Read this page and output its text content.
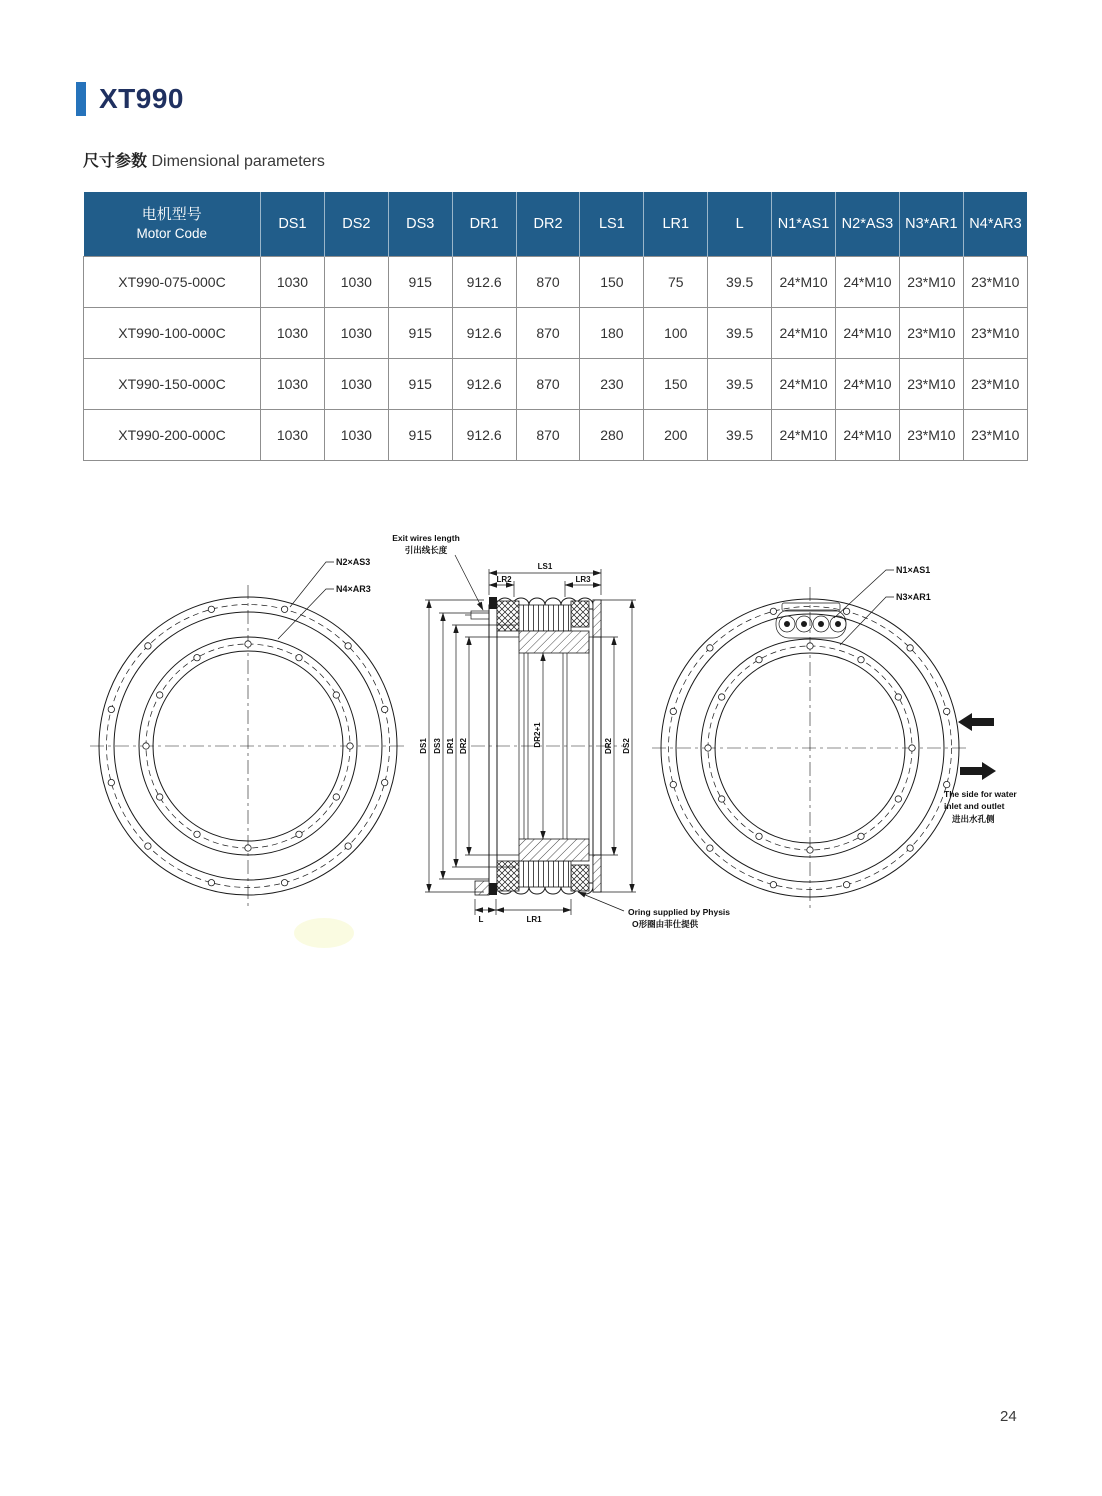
XT990
尺寸参数 Dimensional parameters
电机型号
Motor Code	DS1	DS2	DS3	DR1	DR2	LS1	LR1	L	N1*AS1	N2*AS3	N3*AR1	N4*AR3
XT990-075-000C	1030	1030	915	912.6	870	150	75	39.5	24*M10	24*M10	23*M10	23*M10
XT990-100-000C	1030	1030	915	912.6	870	180	100	39.5	24*M10	24*M10	23*M10	23*M10
XT990-150-000C	1030	1030	915	912.6	870	230	150	39.5	24*M10	24*M10	23*M10	23*M10
XT990-200-000C	1030	1030	915	912.6	870	280	200	39.5	24*M10	24*M10	23*M10	23*M10
N2×AS3
N4×AR3
LS1
LR2	LR3
DS1 DS3 DR1 DR2	DR2+1	DR2 DS2
L	LR1
Exit wires length
引出线长度
Oring supplied by Physis
O形圈由菲仕提供
N1×AS1
N3×AR1
The side for water
inlet and outlet
进出水孔侧
24
